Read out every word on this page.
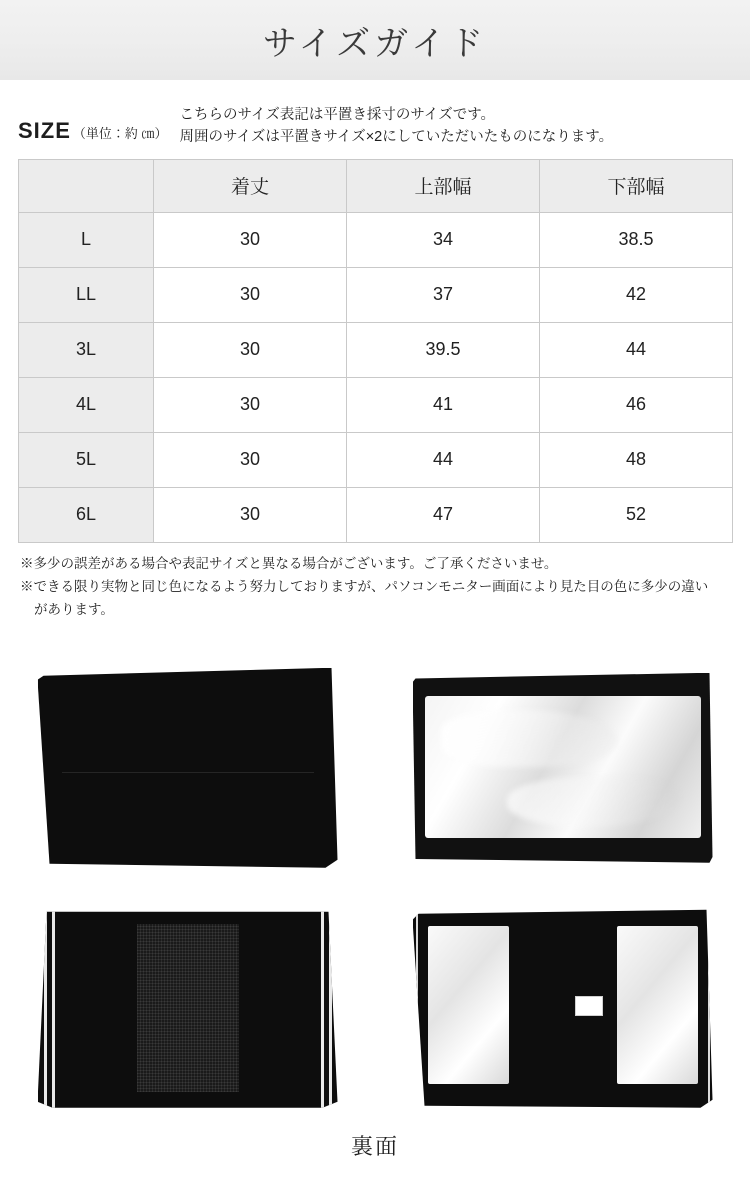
サイズガイド
SIZE （単位：約 ㎝）
こちらのサイズ表記は平置き採寸のサイズです。
周囲のサイズは平置きサイズ×2にしていただいたものになります。
	着丈	上部幅	下部幅
L	30	34	38.5
LL	30	37	42
3L	30	39.5	44
4L	30	41	46
5L	30	44	48
6L	30	47	52
※多少の誤差がある場合や表記サイズと異なる場合がございます。ご了承くださいませ。
※できる限り実物と同じ色になるよう努力しておりますが、パソコンモニター画面により見た目の色に多少の違い
があります。
裏面
